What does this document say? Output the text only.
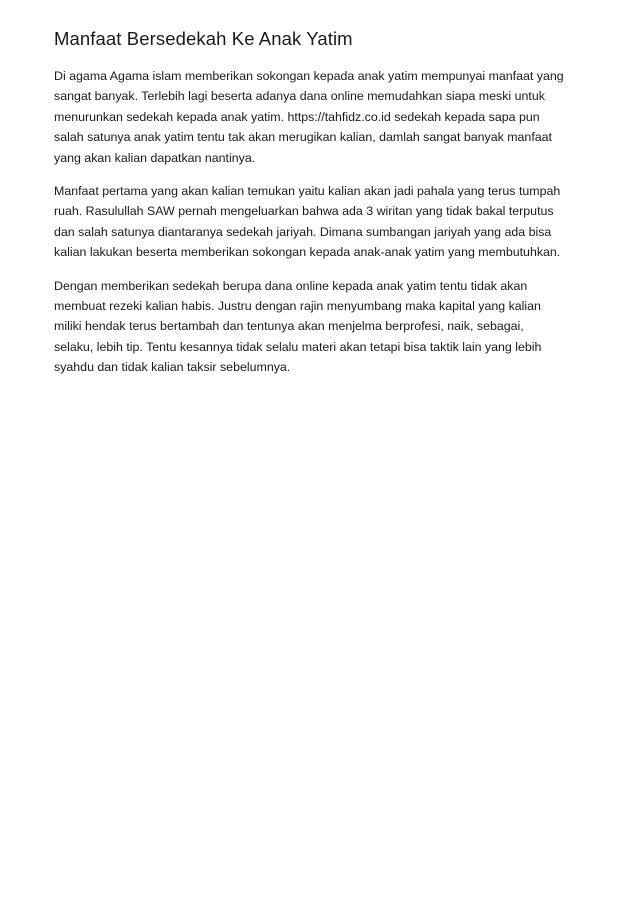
Manfaat Bersedekah Ke Anak Yatim
Di agama Agama islam memberikan sokongan kepada anak yatim mempunyai manfaat yang
sangat banyak. Terlebih lagi beserta adanya dana online memudahkan siapa meski untuk
menurunkan sedekah kepada anak yatim. https://tahfidz.co.id sedekah kepada sapa pun
salah satunya anak yatim tentu tak akan merugikan kalian, damlah sangat banyak manfaat
yang akan kalian dapatkan nantinya.
Manfaat pertama yang akan kalian temukan yaitu kalian akan jadi pahala yang terus tumpah
ruah. Rasulullah SAW pernah mengeluarkan bahwa ada 3 wiritan yang tidak bakal terputus
dan salah satunya diantaranya sedekah jariyah. Dimana sumbangan jariyah yang ada bisa
kalian lakukan beserta memberikan sokongan kepada anak-anak yatim yang membutuhkan.
Dengan memberikan sedekah berupa dana online kepada anak yatim tentu tidak akan
membuat rezeki kalian habis. Justru dengan rajin menyumbang maka kapital yang kalian
miliki hendak terus bertambah dan tentunya akan menjelma berprofesi, naik, sebagai,
selaku, lebih tip. Tentu kesannya tidak selalu materi akan tetapi bisa taktik lain yang lebih
syahdu dan tidak kalian taksir sebelumnya.
